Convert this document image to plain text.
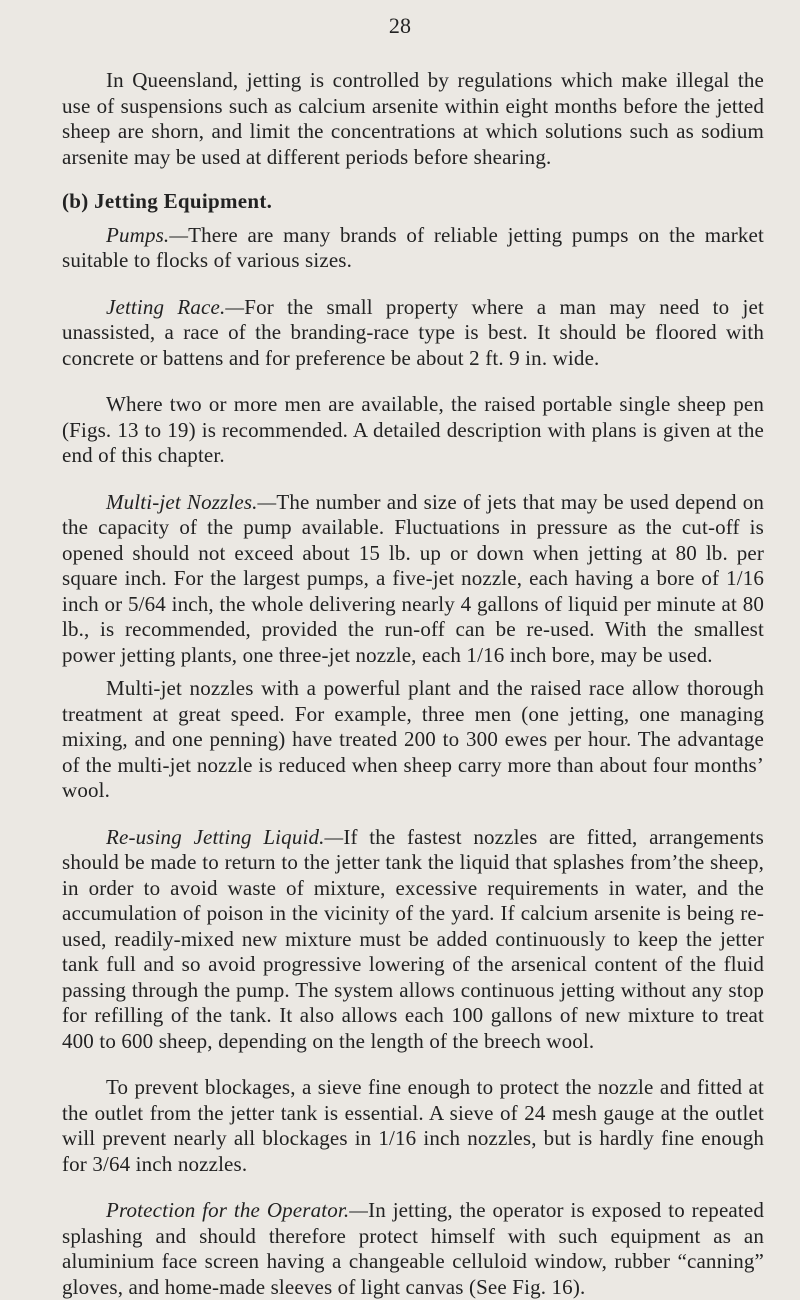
28

In Queensland, jetting is controlled by regulations which make illegal the use of suspensions such as calcium arsenite within eight months before the jetted sheep are shorn, and limit the concentrations at which solutions such as sodium arsenite may be used at different periods before shearing.

(b) Jetting Equipment.

Pumps.—There are many brands of reliable jetting pumps on the market suitable to flocks of various sizes.

Jetting Race.—For the small property where a man may need to jet unassisted, a race of the branding-race type is best. It should be floored with concrete or battens and for preference be about 2 ft. 9 in. wide.

Where two or more men are available, the raised portable single sheep pen (Figs. 13 to 19) is recommended. A detailed description with plans is given at the end of this chapter.

Multi-jet Nozzles.—The number and size of jets that may be used depend on the capacity of the pump available. Fluctuations in pressure as the cut-off is opened should not exceed about 15 lb. up or down when jetting at 80 lb. per square inch. For the largest pumps, a five-jet nozzle, each having a bore of 1/16 inch or 5/64 inch, the whole delivering nearly 4 gallons of liquid per minute at 80 lb., is recommended, provided the run-off can be re-used. With the smallest power jetting plants, one three-jet nozzle, each 1/16 inch bore, may be used.

Multi-jet nozzles with a powerful plant and the raised race allow thorough treatment at great speed. For example, three men (one jetting, one managing mixing, and one penning) have treated 200 to 300 ewes per hour. The advantage of the multi-jet nozzle is reduced when sheep carry more than about four months’ wool.

Re-using Jetting Liquid.—If the fastest nozzles are fitted, arrangements should be made to return to the jetter tank the liquid that splashes from’the sheep, in order to avoid waste of mixture, excessive requirements in water, and the accumulation of poison in the vicinity of the yard. If calcium arsenite is being re-used, readily-mixed new mixture must be added continuously to keep the jetter tank full and so avoid progressive lowering of the arsenical content of the fluid passing through the pump. The system allows continuous jetting without any stop for refilling of the tank. It also allows each 100 gallons of new mixture to treat 400 to 600 sheep, depending on the length of the breech wool.

To prevent blockages, a sieve fine enough to protect the nozzle and fitted at the outlet from the jetter tank is essential. A sieve of 24 mesh gauge at the outlet will prevent nearly all blockages in 1/16 inch nozzles, but is hardly fine enough for 3/64 inch nozzles.

Protection for the Operator.—In jetting, the operator is exposed to repeated splashing and should therefore protect himself with such equipment as an aluminium face screen having a changeable celluloid window, rubber “canning” gloves, and home-made sleeves of light canvas (See Fig. 16).
